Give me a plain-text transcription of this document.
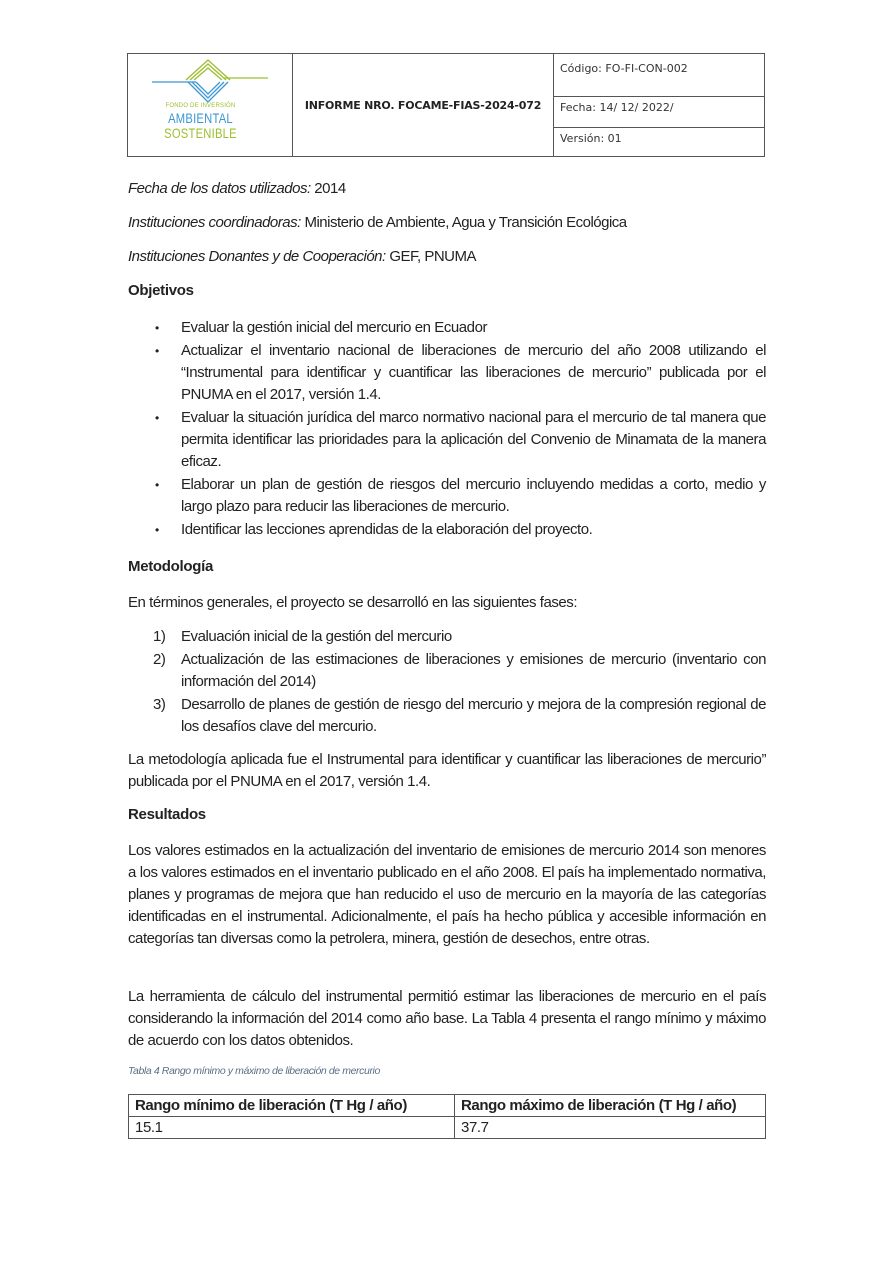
FONDO DE INVERSIÓN
AMBIENTAL
SOSTENIBLE
INFORME NRO. FOCAME-FIAS-2024-072
Código: FO-FI-CON-002
Fecha: 14/ 12/ 2022/
Versión: 01
Fecha de los datos utilizados: 2014
Instituciones coordinadoras: Ministerio de Ambiente, Agua y Transición Ecológica
Instituciones Donantes y de Cooperación: GEF, PNUMA
Objetivos
• Evaluar la gestión inicial del mercurio en Ecuador
• Actualizar el inventario nacional de liberaciones de mercurio del año 2008 utilizando el “Instrumental para identificar y cuantificar las liberaciones de mercurio” publicada por el PNUMA en el 2017, versión 1.4.
• Evaluar la situación jurídica del marco normativo nacional para el mercurio de tal manera que permita identificar las prioridades para la aplicación del Convenio de Minamata de la manera eficaz.
• Elaborar un plan de gestión de riesgos del mercurio incluyendo medidas a corto, medio y largo plazo para reducir las liberaciones de mercurio.
• Identificar las lecciones aprendidas de la elaboración del proyecto.
Metodología
En términos generales, el proyecto se desarrolló en las siguientes fases:
1) Evaluación inicial de la gestión del mercurio
2) Actualización de las estimaciones de liberaciones y emisiones de mercurio (inventario con información del 2014)
3) Desarrollo de planes de gestión de riesgo del mercurio y mejora de la compresión regional de los desafíos clave del mercurio.
La metodología aplicada fue el Instrumental para identificar y cuantificar las liberaciones de mercurio” publicada por el PNUMA en el 2017, versión 1.4.
Resultados
Los valores estimados en la actualización del inventario de emisiones de mercurio 2014 son menores a los valores estimados en el inventario publicado en el año 2008. El país ha implementado normativa, planes y programas de mejora que han reducido el uso de mercurio en la mayoría de las categorías identificadas en el instrumental. Adicionalmente, el país ha hecho pública y accesible información en categorías tan diversas como la petrolera, minera, gestión de desechos, entre otras.
La herramienta de cálculo del instrumental permitió estimar las liberaciones de mercurio en el país considerando la información del 2014 como año base. La Tabla 4 presenta el rango mínimo y máximo de acuerdo con los datos obtenidos.
Tabla 4 Rango mínimo y máximo de liberación de mercurio
Rango mínimo de liberación (T Hg / año)	Rango máximo de liberación (T Hg / año)
15.1	37.7
